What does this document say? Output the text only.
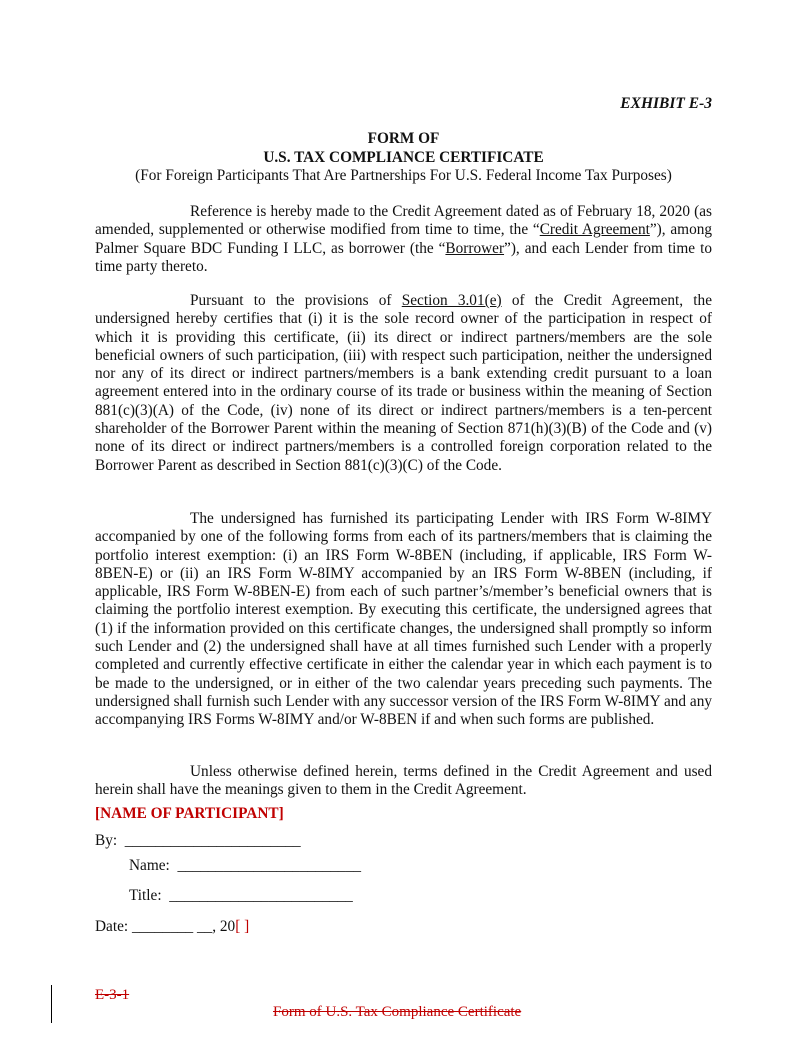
EXHIBIT E-3
FORM OF
U.S. TAX COMPLIANCE CERTIFICATE
(For Foreign Participants That Are Partnerships For U.S. Federal Income Tax Purposes)

Reference is hereby made to the Credit Agreement dated as of February 18, 2020 (as amended, supplemented or otherwise modified from time to time, the “Credit Agreement”), among Palmer Square BDC Funding I LLC, as borrower (the “Borrower”), and each Lender from time to time party thereto.

Pursuant to the provisions of Section 3.01(e) of the Credit Agreement, the undersigned hereby certifies that (i) it is the sole record owner of the participation in respect of which it is providing this certificate, (ii) its direct or indirect partners/members are the sole beneficial owners of such participation, (iii) with respect such participation, neither the undersigned nor any of its direct or indirect partners/members is a bank extending credit pursuant to a loan agreement entered into in the ordinary course of its trade or business within the meaning of Section 881(c)(3)(A) of the Code, (iv) none of its direct or indirect partners/members is a ten-percent shareholder of the Borrower Parent within the meaning of Section 871(h)(3)(B) of the Code and (v) none of its direct or indirect partners/members is a controlled foreign corporation related to the Borrower Parent as described in Section 881(c)(3)(C) of the Code.

The undersigned has furnished its participating Lender with IRS Form W-8IMY accompanied by one of the following forms from each of its partners/members that is claiming the portfolio interest exemption: (i) an IRS Form W-8BEN (including, if applicable, IRS Form W-8BEN-E) or (ii) an IRS Form W-8IMY accompanied by an IRS Form W-8BEN (including, if applicable, IRS Form W-8BEN-E) from each of such partner’s/member’s beneficial owners that is claiming the portfolio interest exemption. By executing this certificate, the undersigned agrees that (1) if the information provided on this certificate changes, the undersigned shall promptly so inform such Lender and (2) the undersigned shall have at all times furnished such Lender with a properly completed and currently effective certificate in either the calendar year in which each payment is to be made to the undersigned, or in either of the two calendar years preceding such payments. The undersigned shall furnish such Lender with any successor version of the IRS Form W-8IMY and any accompanying IRS Forms W-8IMY and/or W-8BEN if and when such forms are published.

Unless otherwise defined herein, terms defined in the Credit Agreement and used herein shall have the meanings given to them in the Credit Agreement.

[NAME OF PARTICIPANT]
By: _______________________
Name: ________________________
Title: ________________________
Date: ________ __, 20[ ]
E-3-1
Form of U.S. Tax Compliance Certificate
